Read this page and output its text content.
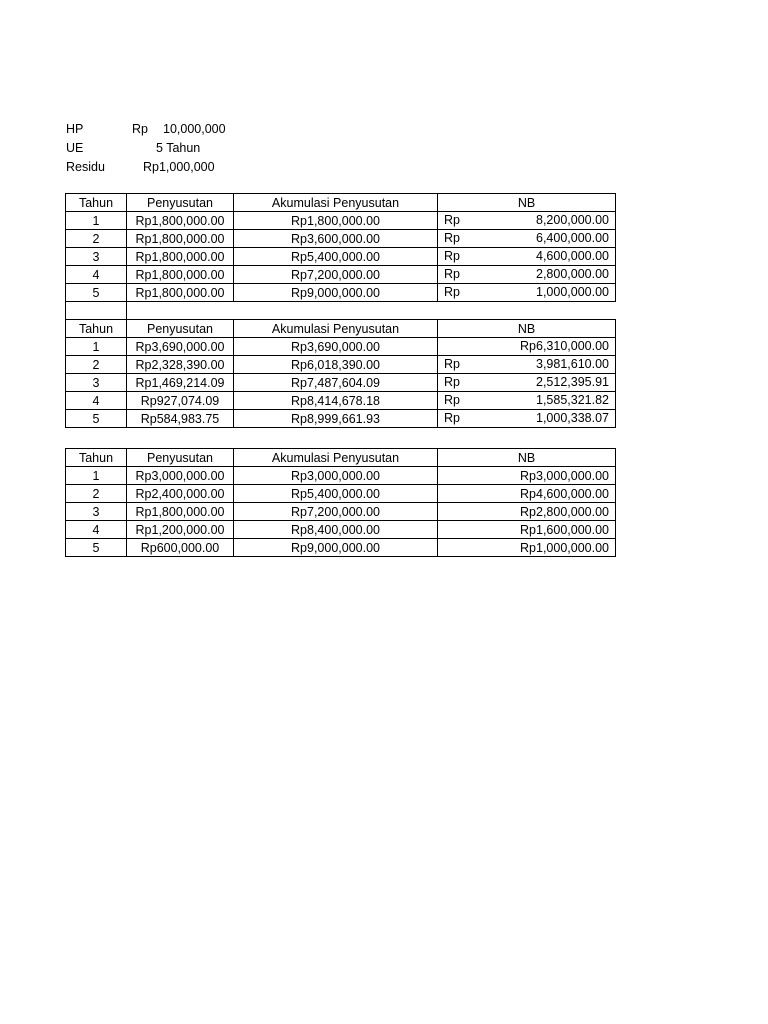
HP	Rp 10,000,000
UE	5 Tahun
Residu	Rp1,000,000
Tahun	Penyusutan	Akumulasi Penyusutan	NB
1	Rp1,800,000.00	Rp1,800,000.00	Rp 8,200,000.00

2	Rp1,800,000.00	Rp3,600,000.00	Rp 6,400,000.00

3	Rp1,800,000.00	Rp5,400,000.00	Rp 4,600,000.00

4	Rp1,800,000.00	Rp7,200,000.00	Rp 2,800,000.00

5	Rp1,800,000.00	Rp9,000,000.00	Rp 1,000,000.00

Tahun	Penyusutan	Akumulasi Penyusutan	NB
1	Rp3,690,000.00	Rp3,690,000.00	Rp6,310,000.00

2	Rp2,328,390.00	Rp6,018,390.00	Rp 3,981,610.00

3	Rp1,469,214.09	Rp7,487,604.09	Rp 2,512,395.91

4	Rp927,074.09	Rp8,414,678.18	Rp 1,585,321.82

5	Rp584,983.75	Rp8,999,661.93	Rp 1,000,338.07
Tahun	Penyusutan	Akumulasi Penyusutan	NB
1	Rp3,000,000.00	Rp3,000,000.00	Rp3,000,000.00
2	Rp2,400,000.00	Rp5,400,000.00	Rp4,600,000.00
3	Rp1,800,000.00	Rp7,200,000.00	Rp2,800,000.00
4	Rp1,200,000.00	Rp8,400,000.00	Rp1,600,000.00
5	Rp600,000.00	Rp9,000,000.00	Rp1,000,000.00
